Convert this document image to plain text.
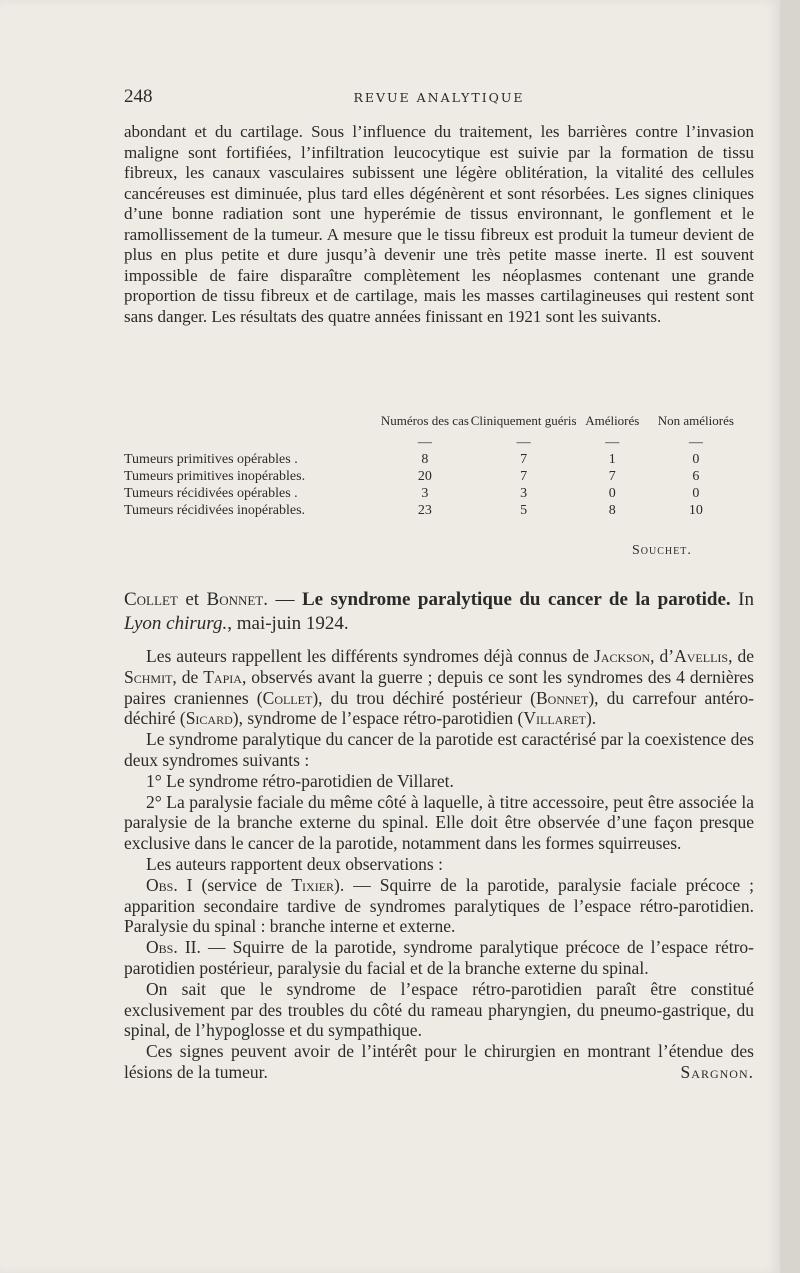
248	REVUE ANALYTIQUE

abondant et du cartilage. Sous l’influence du traitement, les barrières contre l’invasion maligne sont fortifiées, l’infiltration leucocytique est suivie par la formation de tissu fibreux, les canaux vasculaires subissent une légère oblitération, la vitalité des cellules cancéreuses est diminuée, plus tard elles dégénèrent et sont résorbées. Les signes cliniques d’une bonne radiation sont une hyperémie de tissus environnant, le gonflement et le ramollissement de la tumeur. A mesure que le tissu fibreux est produit la tumeur devient de plus en plus petite et dure jusqu’à devenir une très petite masse inerte. Il est souvent impossible de faire disparaître complètement les néoplasmes contenant une grande proportion de tissu fibreux et de cartilage, mais les masses cartilagineuses qui restent sont sans danger. Les résultats des quatre années finissant en 1921 sont les suivants.

	Numéros des cas	Cliniquement guéris	Améliorés	Non améliorés
	—	—	—	—
Tumeurs primitives opérables .	8	7	1	0
Tumeurs primitives inopérables.	20	7	7	6
Tumeurs récidivées opérables .	3	3	0	0
Tumeurs récidivées inopérables.	23	5	8	10
Souchet.
Collet et Bonnet. — Le syndrome paralytique du cancer de la parotide. In Lyon chirurg., mai-juin 1924.

Les auteurs rappellent les différents syndromes déjà connus de Jackson, d’Avellis, de Schmit, de Tapia, observés avant la guerre ; depuis ce sont les syndromes des 4 dernières paires craniennes (Collet), du trou déchiré postérieur (Bonnet), du carrefour antéro-déchiré (Sicard), syndrome de l’espace rétro-parotidien (Villaret).

Le syndrome paralytique du cancer de la parotide est caractérisé par la coexistence des deux syndromes suivants :

1° Le syndrome rétro-parotidien de Villaret.

2° La paralysie faciale du même côté à laquelle, à titre accessoire, peut être associée la paralysie de la branche externe du spinal. Elle doit être observée d’une façon presque exclusive dans le cancer de la parotide, notamment dans les formes squirreuses.

Les auteurs rapportent deux observations :

Obs. I (service de Tixier). — Squirre de la parotide, paralysie faciale précoce ; apparition secondaire tardive de syndromes paralytiques de l’espace rétro-parotidien. Paralysie du spinal : branche interne et externe.

Obs. II. — Squirre de la parotide, syndrome paralytique précoce de l’espace rétro-parotidien postérieur, paralysie du facial et de la branche externe du spinal.

On sait que le syndrome de l’espace rétro-parotidien paraît être constitué exclusivement par des troubles du côté du rameau pharyngien, du pneumo-gastrique, du spinal, de l’hypoglosse et du sympathique.

Ces signes peuvent avoir de l’intérêt pour le chirurgien en montrant l’étendue des lésions de la tumeur.	Sargnon.
